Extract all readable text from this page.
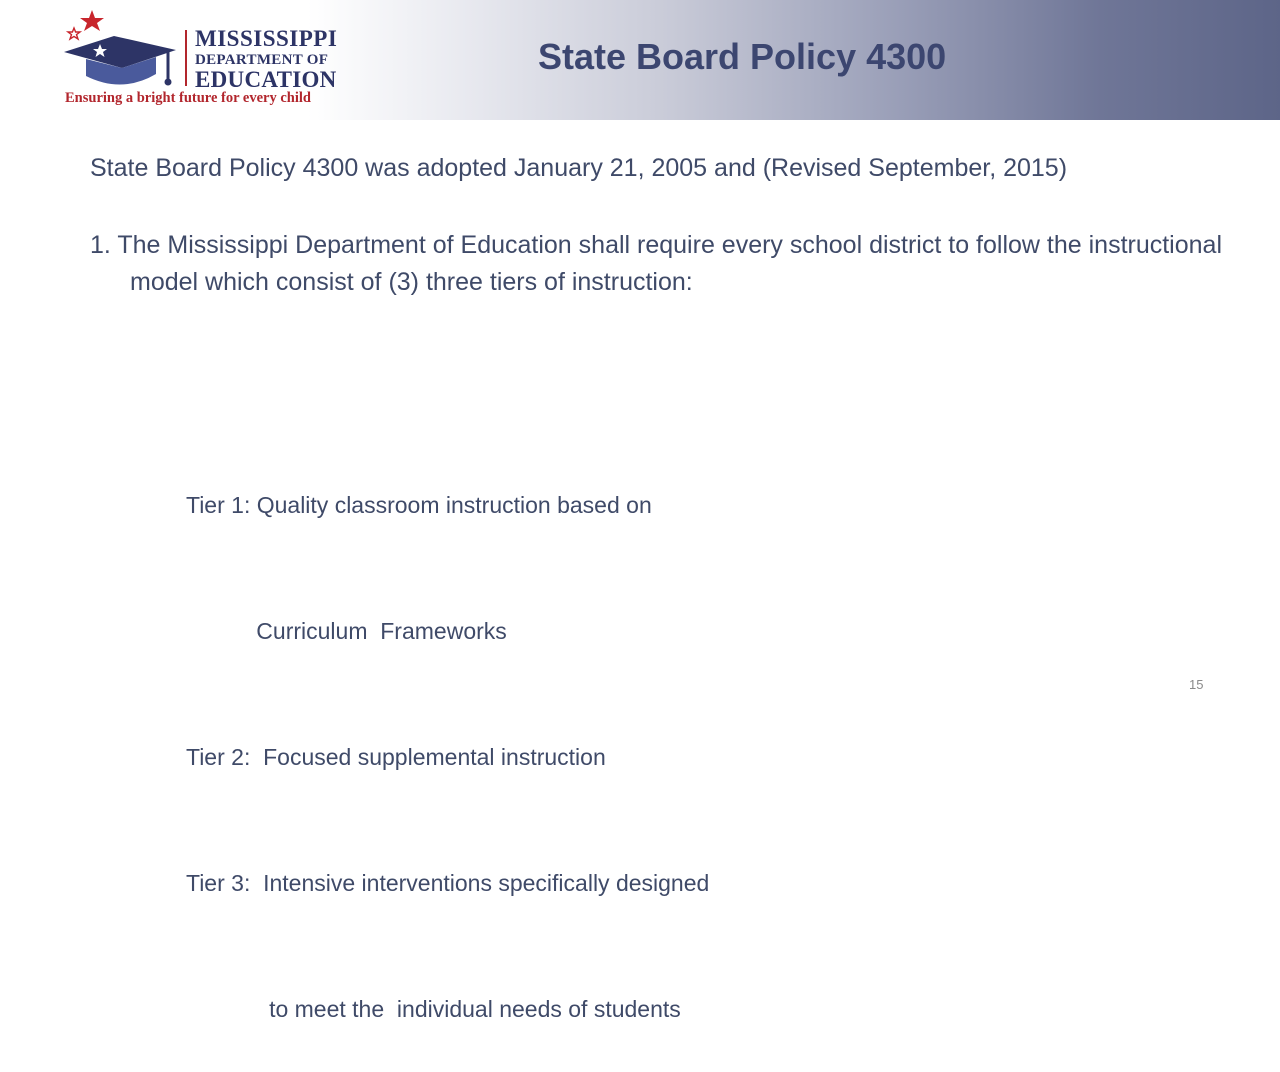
MISSISSIPPI
DEPARTMENT OF
EDUCATION
Ensuring a bright future for every child
State Board Policy 4300

State Board Policy 4300 was adopted January 21, 2005 and (Revised September, 2015)

1. The Mississippi Department of Education shall require every school district to follow the instructional model which consist of (3) three tiers of instruction:

Tier 1: Quality classroom instruction based on

Curriculum  Frameworks

Tier 2:  Focused supplemental instruction

Tier 3:  Intensive interventions specifically designed

to meet the  individual needs of students

15
